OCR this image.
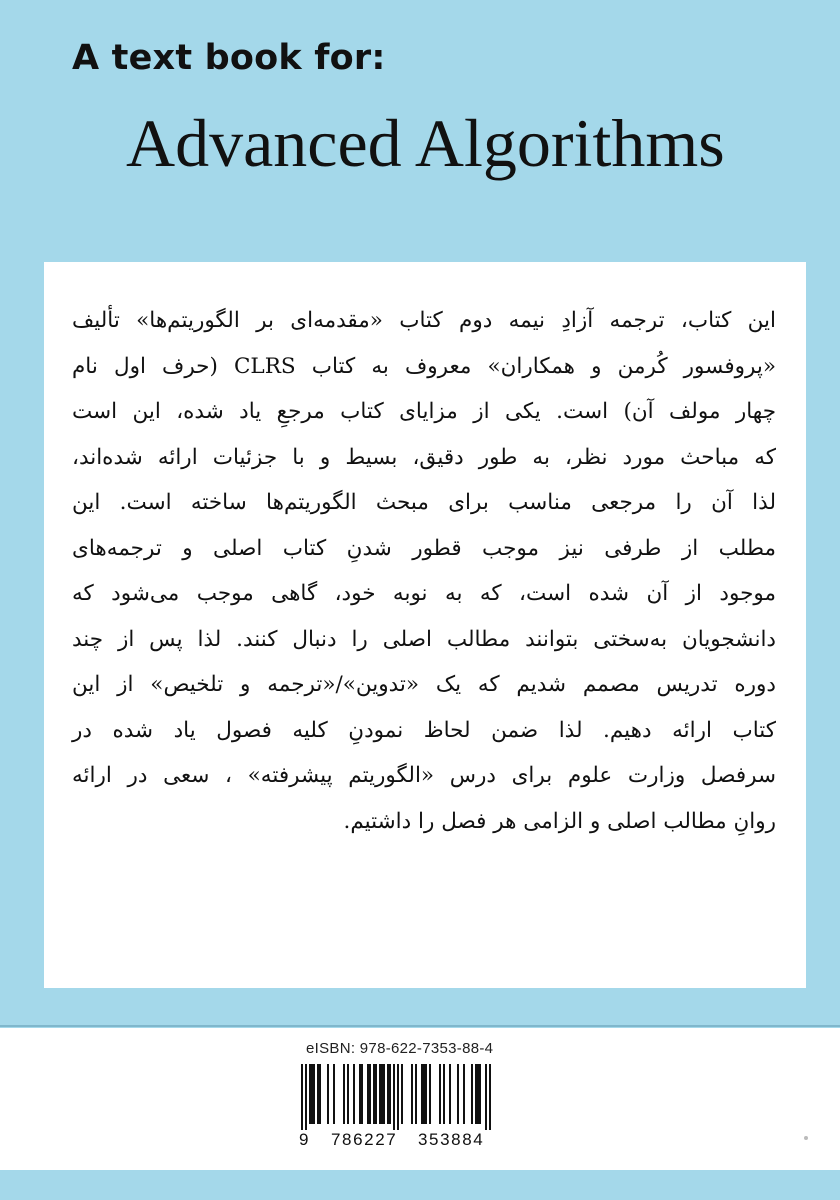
A text book for:
Advanced Algorithms

این کتاب، ترجمه آزادِ نیمه دوم کتاب «مقدمه‌ای بر الگوریتم‌ها» تألیف
«پروفسور کُرمن و همکاران» معروف به کتاب CLRS (حرف اول نام
چهار مولف آن) است. یکی از مزایای کتاب مرجعِ یاد شده، این است
که مباحث مورد نظر، به طور دقیق، بسیط و با جزئیات ارائه شده‌اند،
لذا آن را مرجعی مناسب برای مبحث الگوریتم‌ها ساخته است. این
مطلب از طرفی نیز موجب قطور شدنِ کتاب اصلی و ترجمه‌های
موجود از آن شده است، که به نوبه خود، گاهی موجب می‌شود که
دانشجویان به‌سختی بتوانند مطالب اصلی را دنبال کنند. لذا پس از چند
دوره تدریس مصمم شدیم که یک «تدوین»/«ترجمه و تلخیص» از این
کتاب ارائه دهیم. لذا ضمن لحاظ نمودنِ کلیه فصول یاد شده در
سرفصل وزارت علوم برای درس «الگوریتم پیشرفته» ، سعی در ارائه
روانِ مطالب اصلی و الزامی هر فصل را داشتیم.

eISBN: 978-622-7353-88-4
9 786227 353884
